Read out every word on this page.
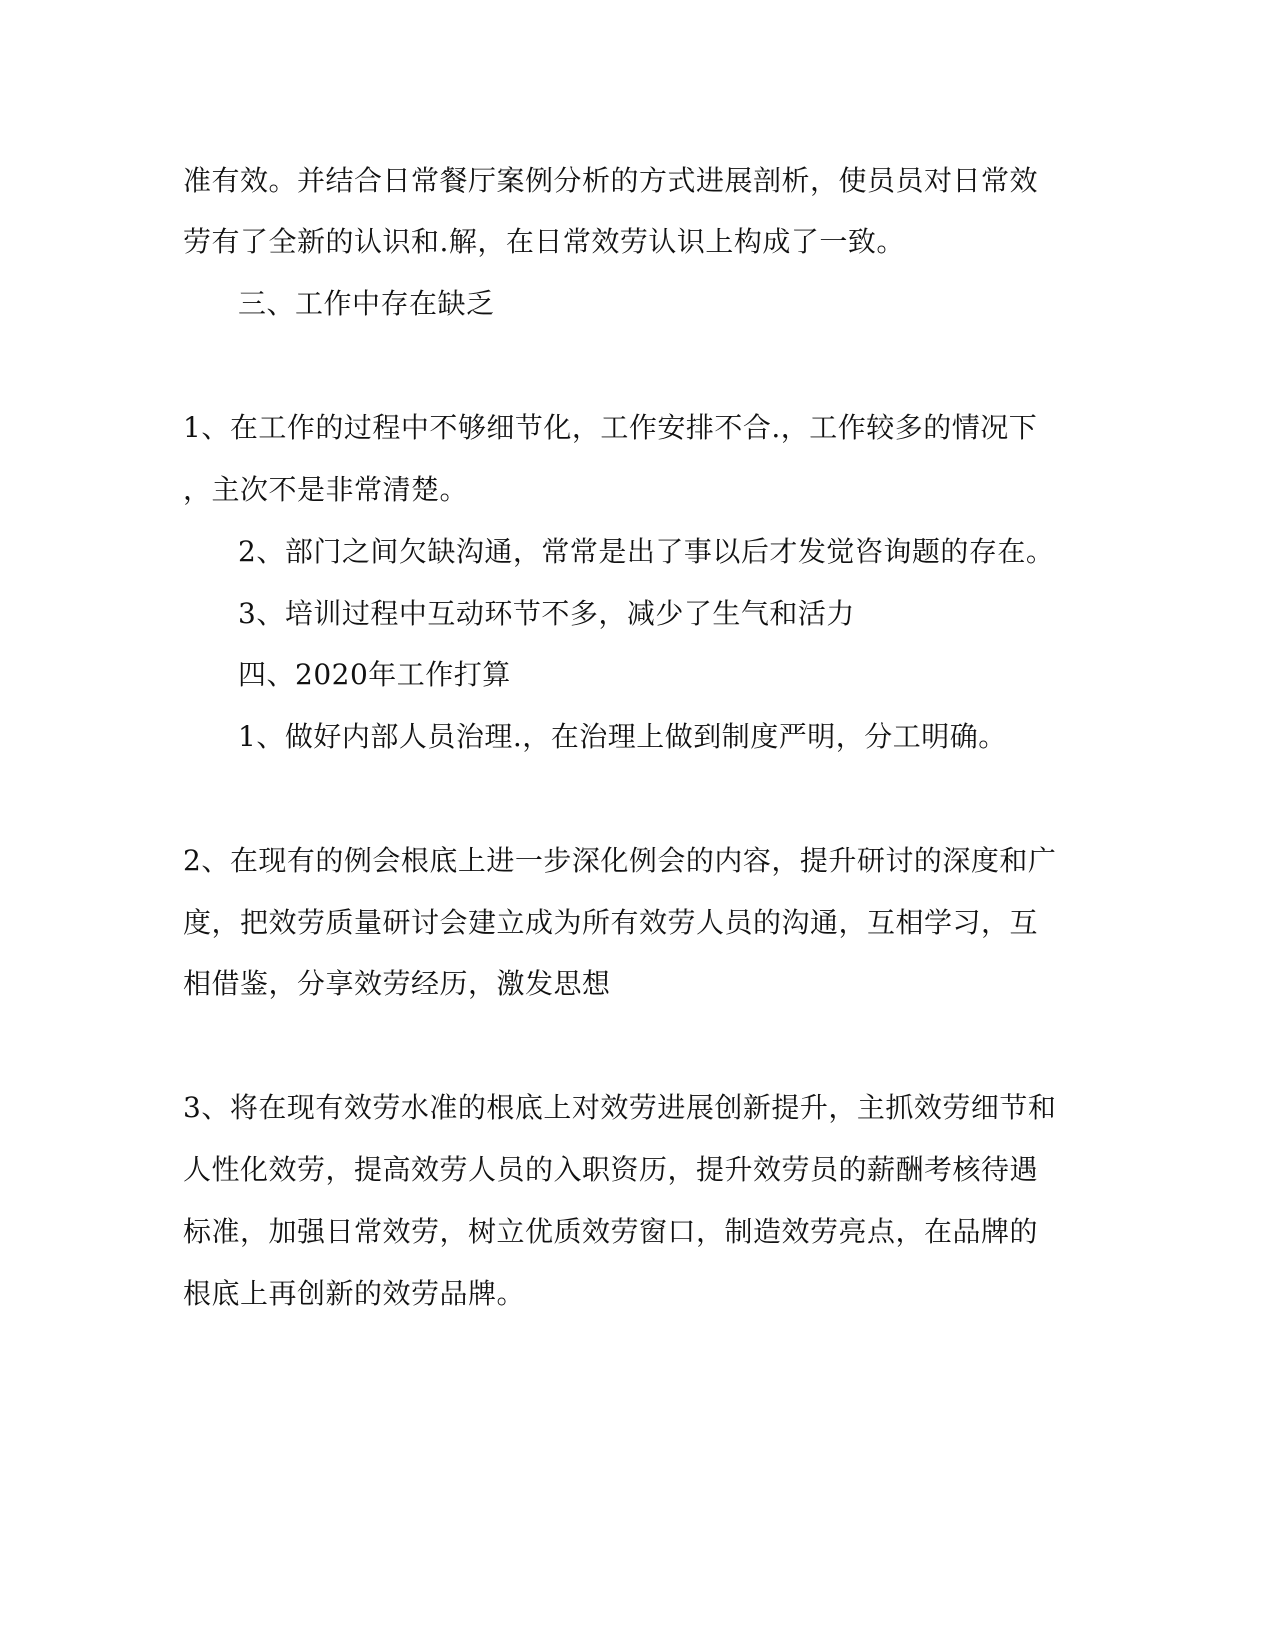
准有效。并结合日常餐厅案例分析的方式进展剖析，使员员对日常效
劳有了全新的认识和.解，在日常效劳认识上构成了一致。
三、工作中存在缺乏
1、在工作的过程中不够细节化，工作安排不合.，工作较多的情况下
，主次不是非常清楚。
2、部门之间欠缺沟通，常常是出了事以后才发觉咨询题的存在。
3、培训过程中互动环节不多，减少了生气和活力
四、2020年工作打算
1、做好内部人员治理.，在治理上做到制度严明，分工明确。
2、在现有的例会根底上进一步深化例会的内容，提升研讨的深度和广
度，把效劳质量研讨会建立成为所有效劳人员的沟通，互相学习，互
相借鉴，分享效劳经历，激发思想
3、将在现有效劳水准的根底上对效劳进展创新提升，主抓效劳细节和
人性化效劳，提高效劳人员的入职资历，提升效劳员的薪酬考核待遇
标准，加强日常效劳，树立优质效劳窗口，制造效劳亮点，在品牌的
根底上再创新的效劳品牌。
